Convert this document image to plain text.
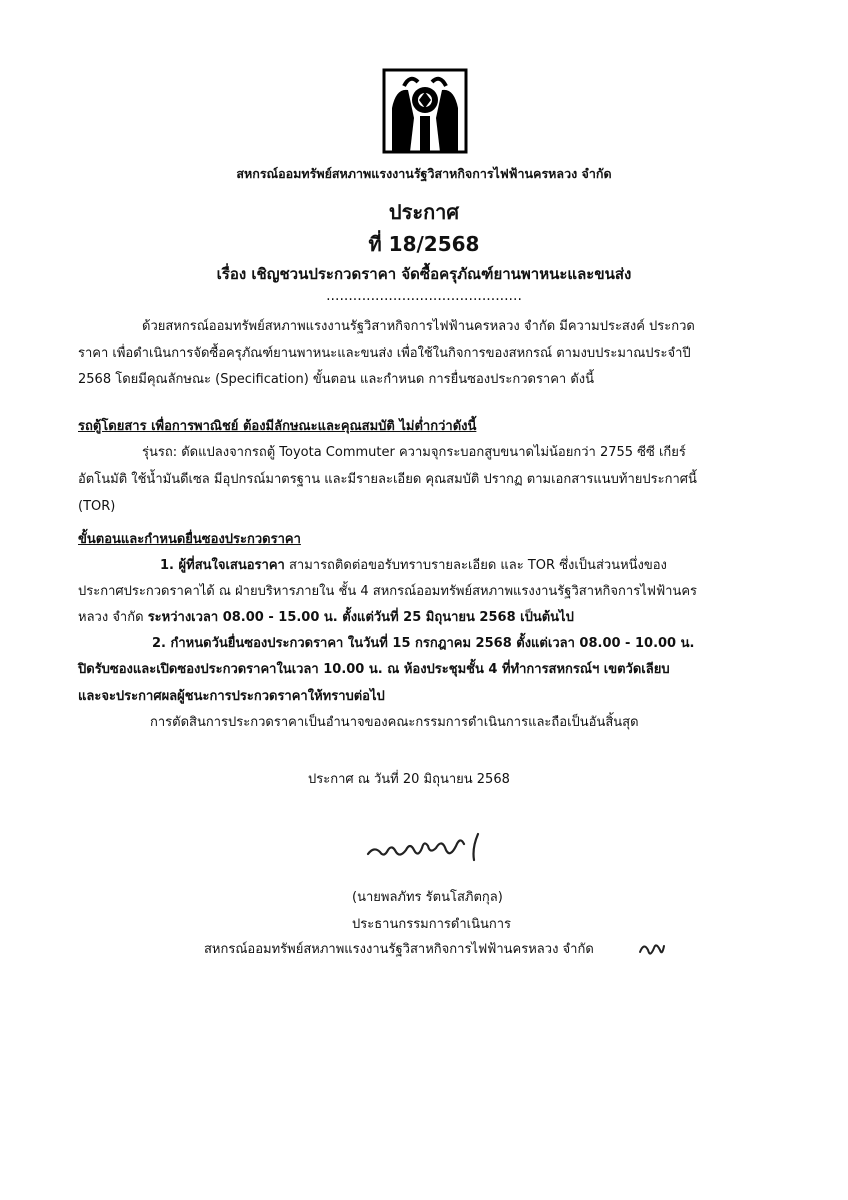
สหกรณ์ออมทรัพย์สหภาพแรงงานรัฐวิสาหกิจการไฟฟ้านครหลวง จำกัด
ประกาศ
ที่ 18/2568
เรื่อง เชิญชวนประกวดราคา จัดซื้อครุภัณฑ์ยานพาหนะและขนส่ง
............................................
ด้วยสหกรณ์ออมทรัพย์สหภาพแรงงานรัฐวิสาหกิจการไฟฟ้านครหลวง จำกัด มีความประสงค์ ประกวด
ราคา เพื่อดำเนินการจัดซื้อครุภัณฑ์ยานพาหนะและขนส่ง เพื่อใช้ในกิจการของสหกรณ์ ตามงบประมาณประจำปี
2568 โดยมีคุณลักษณะ (Specification) ขั้นตอน และกำหนด การยื่นซองประกวดราคา ดังนี้
รถตู้โดยสาร เพื่อการพาณิชย์ ต้องมีลักษณะและคุณสมบัติ ไม่ต่ำกว่าดังนี้
รุ่นรถ: ดัดแปลงจากรถตู้ Toyota Commuter ความจุกระบอกสูบขนาดไม่น้อยกว่า 2755 ซีซี เกียร์
อัตโนมัติ ใช้น้ำมันดีเซล มีอุปกรณ์มาตรฐาน และมีรายละเอียด คุณสมบัติ ปรากฏ ตามเอกสารแนบท้ายประกาศนี้
(TOR)
ขั้นตอนและกำหนดยื่นซองประกวดราคา
1. ผู้ที่สนใจเสนอราคา สามารถติดต่อขอรับทราบรายละเอียด และ TOR ซึ่งเป็นส่วนหนึ่งของ
ประกาศประกวดราคาได้ ณ ฝ่ายบริหารภายใน ชั้น 4 สหกรณ์ออมทรัพย์สหภาพแรงงานรัฐวิสาหกิจการไฟฟ้านคร
หลวง จำกัด ระหว่างเวลา 08.00 - 15.00 น. ตั้งแต่วันที่ 25 มิถุนายน 2568 เป็นต้นไป
2. กำหนดวันยื่นซองประกวดราคา ในวันที่ 15 กรกฎาคม 2568 ตั้งแต่เวลา 08.00 - 10.00 น.
ปิดรับซองและเปิดซองประกวดราคาในเวลา 10.00 น. ณ ห้องประชุมชั้น 4 ที่ทำการสหกรณ์ฯ เขตวัดเลียบ
และจะประกาศผลผู้ชนะการประกวดราคาให้ทราบต่อไป
การตัดสินการประกวดราคาเป็นอำนาจของคณะกรรมการดำเนินการและถือเป็นอันสิ้นสุด
ประกาศ ณ วันที่ 20 มิถุนายน 2568
(นายพลภัทร รัตนโสภิตกุล)
ประธานกรรมการดำเนินการ
สหกรณ์ออมทรัพย์สหภาพแรงงานรัฐวิสาหกิจการไฟฟ้านครหลวง จำกัด
